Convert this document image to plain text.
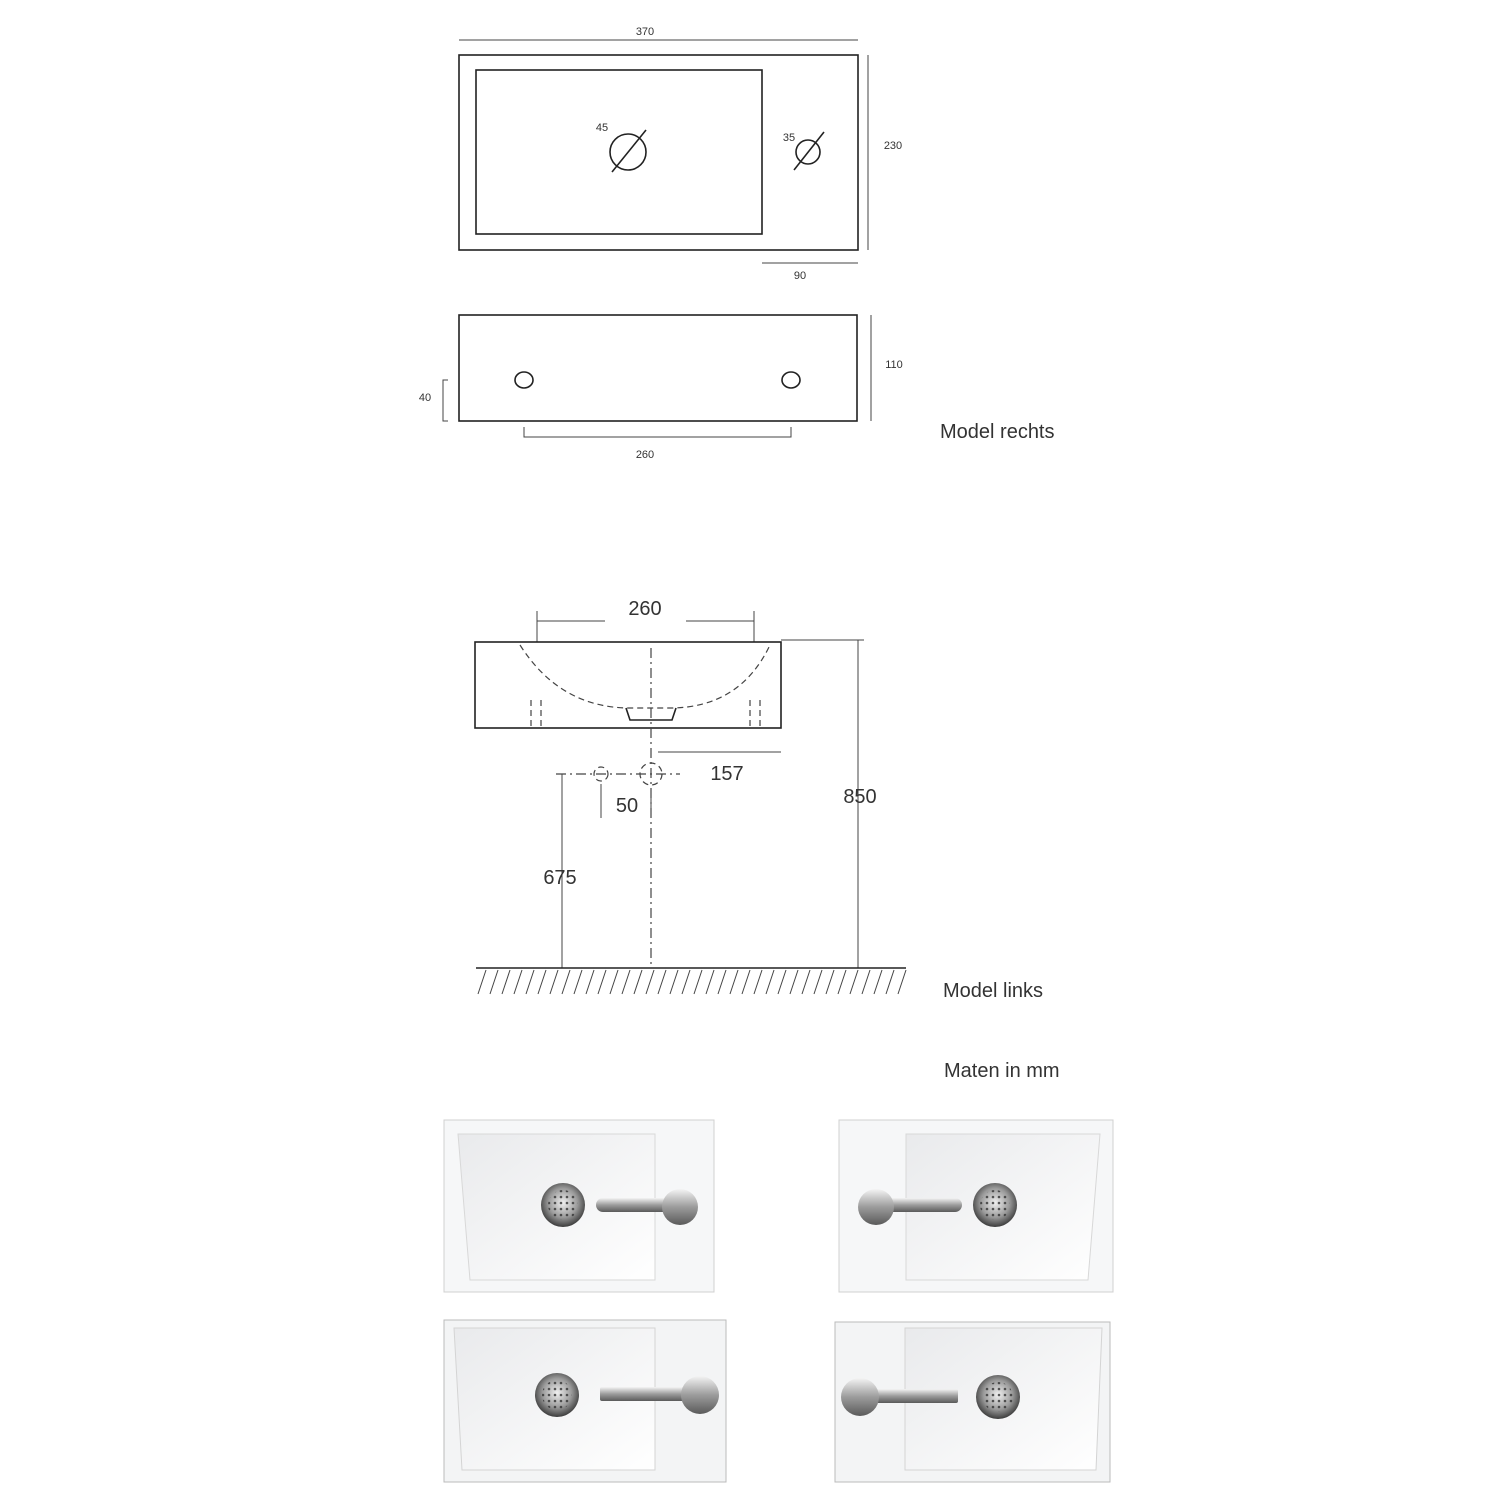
370
45
35
230
90
110
40
260
Model rechts
260
157
50
675
850
Model links
Maten in mm
